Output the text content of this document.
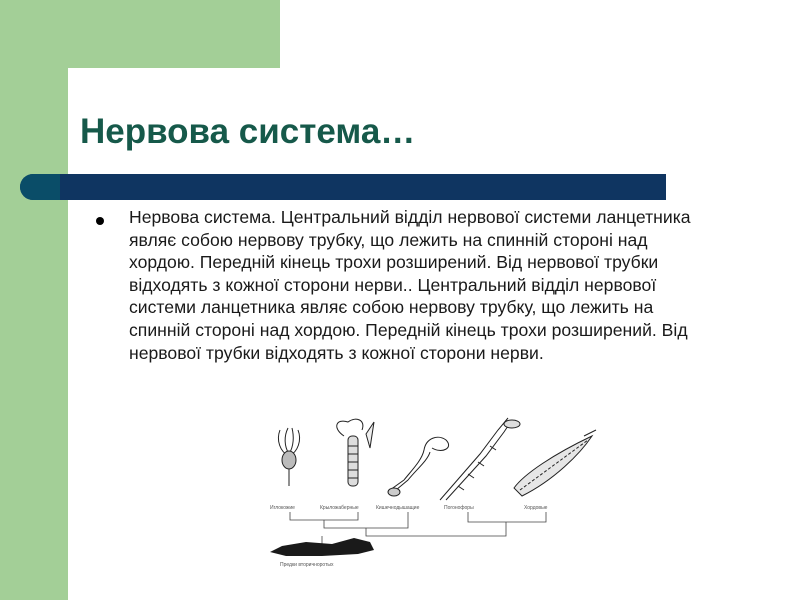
Нервова система…

Нервова система. Центральний відділ нервової системи ланцетника являє собою нервову трубку, що лежить на спинній стороні над хордою. Передній кінець трохи розширений. Від нервової трубки відходять з кожної сторони нерви.. Центральний відділ нервової системи ланцетника являє собою нервову трубку, що лежить на спинній стороні над хордою. Передній кінець трохи розширений. Від нервової трубки відходять з кожної сторони нерви.

Иглокожие	Крыложаберные	Кишечнодышащие	Погонофоры	Хордовые
Предки вторичноротых
